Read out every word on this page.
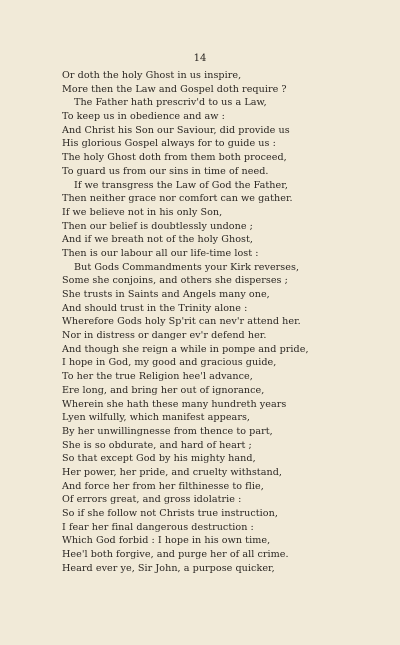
14
Or doth the holy Ghost in us inspire,
More then the Law and Gospel doth require ?
The Father hath prescriv'd to us a Law,
To keep us in obedience and aw :
And Christ his Son our Saviour, did provide us
His glorious Gospel always for to guide us :
The holy Ghost doth from them both proceed,
To guard us from our sins in time of need.
If we transgress the Law of God the Father,
Then neither grace nor comfort can we gather.
If we believe not in his only Son,
Then our belief is doubtlessly undone ;
And if we breath not of the holy Ghost,
Then is our labour all our life-time lost :
But Gods Commandments your Kirk reverses,
Some she conjoins, and others she disperses ;
She trusts in Saints and Angels many one,
And should trust in the Trinity alone :
Wherefore Gods holy Sp'rit can nev'r attend her.
Nor in distress or danger ev'r defend her.
And though she reign a while in pompe and pride,
I hope in God, my good and gracious guide,
To her the true Religion hee'l advance,
Ere long, and bring her out of ignorance,
Wherein she hath these many hundreth years
Lyen wilfully, which manifest appears,
By her unwillingnesse from thence to part,
She is so obdurate, and hard of heart ;
So that except God by his mighty hand,
Her power, her pride, and cruelty withstand,
And force her from her filthinesse to flie,
Of errors great, and gross idolatrie :
So if she follow not Christs true instruction,
I fear her final dangerous destruction :
Which God forbid : I hope in his own time,
Hee'l both forgive, and purge her of all crime.
Heard ever ye, Sir John, a purpose quicker,
